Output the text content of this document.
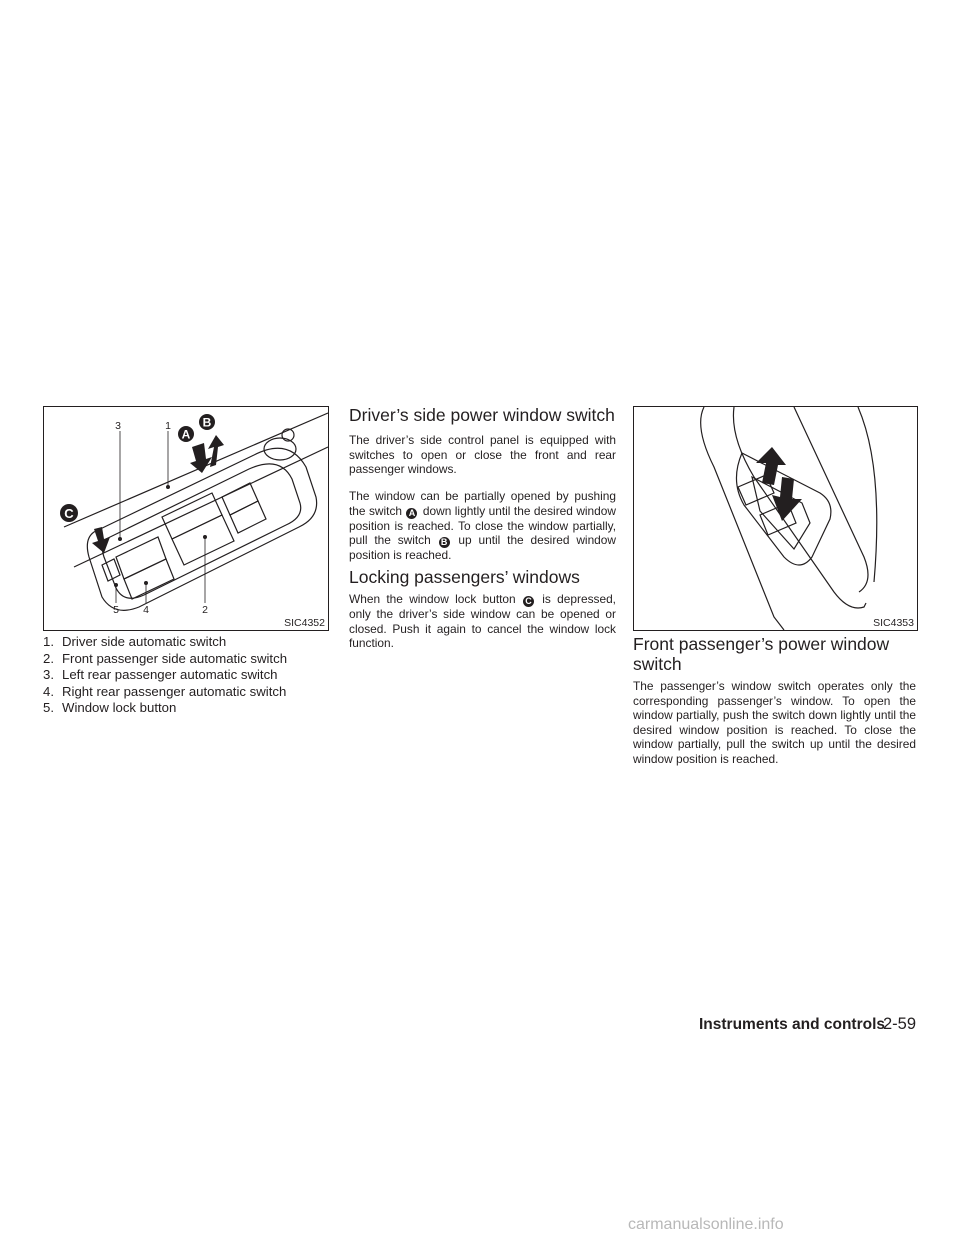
A
B
C
3	1
5 4	2
SIC4352
1. Driver side automatic switch
2. Front passenger side automatic switch
3. Left rear passenger automatic switch
4. Right rear passenger automatic switch
5. Window lock button
Driver’s side power window switch

The driver’s side control panel is equipped with switches to open or close the front and rear passenger windows.

The window can be partially opened by pushing the switch A down lightly until the desired window position is reached. To close the window partially, pull the switch B up until the desired window position is reached.

Locking passengers’ windows

When the window lock button C is depressed, only the driver’s side window can be opened or closed. Push it again to cancel the window lock function.

SIC4353
Front passenger’s power window switch

The passenger’s window switch operates only the corresponding passenger’s window. To open the window partially, push the switch down lightly until the desired window position is reached. To close the window partially, pull the switch up until the desired window position is reached.

Instruments and controls
2-59
carmanualsonline.info
